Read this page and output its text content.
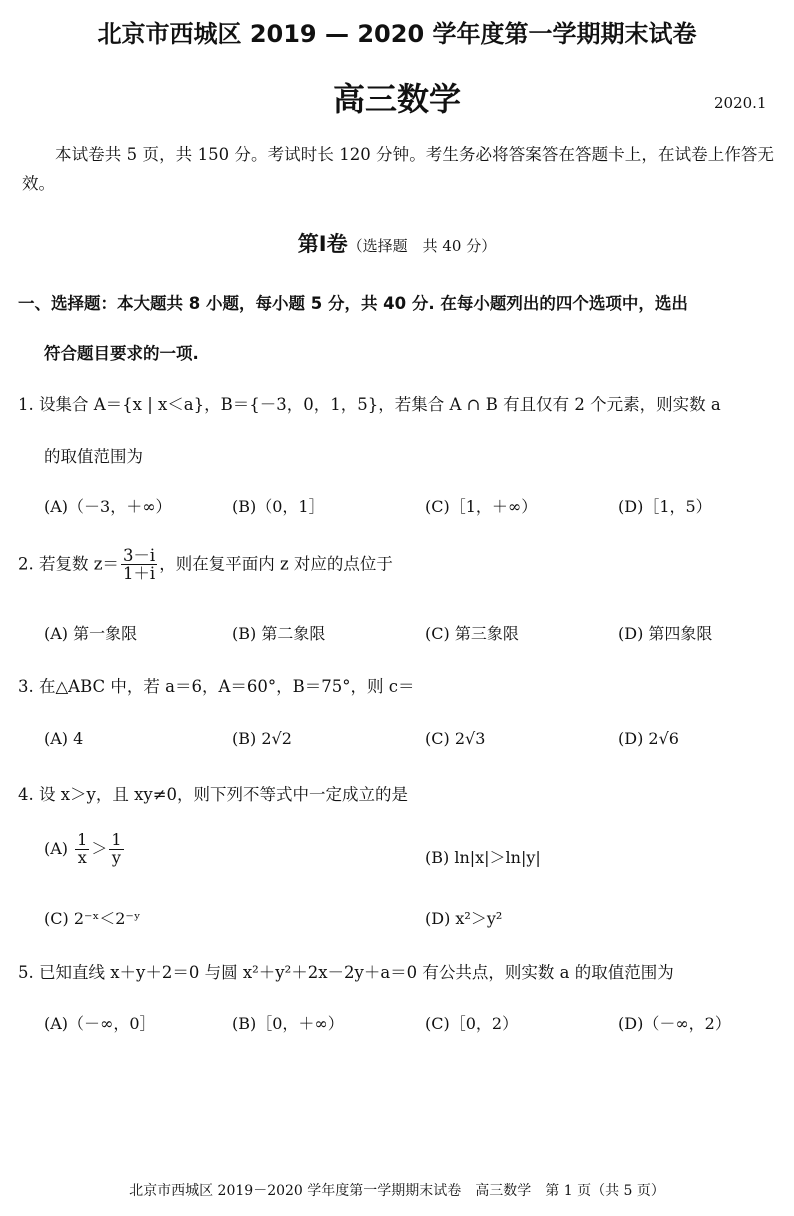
北京市西城区 2019 — 2020 学年度第一学期期末试卷
高三数学	2020.1
本试卷共 5 页，共 150 分。考试时长 120 分钟。考生务必将答案答在答题卡上，在试卷上作答无效。
第Ⅰ卷（选择题　共 40 分）
一、选择题：本大题共 8 小题，每小题 5 分，共 40 分. 在每小题列出的四个选项中，选出
符合题目要求的一项.
1. 设集合 A＝{x | x＜a}，B＝{－3，0，1，5}，若集合 A ∩ B 有且仅有 2 个元素，则实数 a
的取值范围为
(A)（－3，＋∞）	(B)（0，1］	(C)［1，＋∞）	(D)［1，5）
2. 若复数 $z= \frac{3-i}{1+i}$ ，则在复平面内 z 对应的点位于
(A) 第一象限	(B) 第二象限	(C) 第三象限	(D) 第四象限
3. 在△ABC 中，若 a＝6，A＝60°，B＝75°，则 c＝
(A) 4	(B) 2√2	(C) 2√3	(D) 2√6
4. 设 x＞y，且 xy≠0，则下列不等式中一定成立的是
$(A) \frac{1}{x} > \frac{1}{y}$	(B) ln|x|＞ln|y|
(C) 2⁻ˣ＜2⁻ʸ	(D) x²＞y²
5. 已知直线 x＋y＋2＝0 与圆 x²＋y²＋2x－2y＋a＝0 有公共点，则实数 a 的取值范围为
(A)（－∞，0］	(B)［0，＋∞）	(C)［0，2）	(D)（－∞，2）
北京市西城区 2019－2020 学年度第一学期期末试卷　高三数学　第 1 页（共 5 页）
